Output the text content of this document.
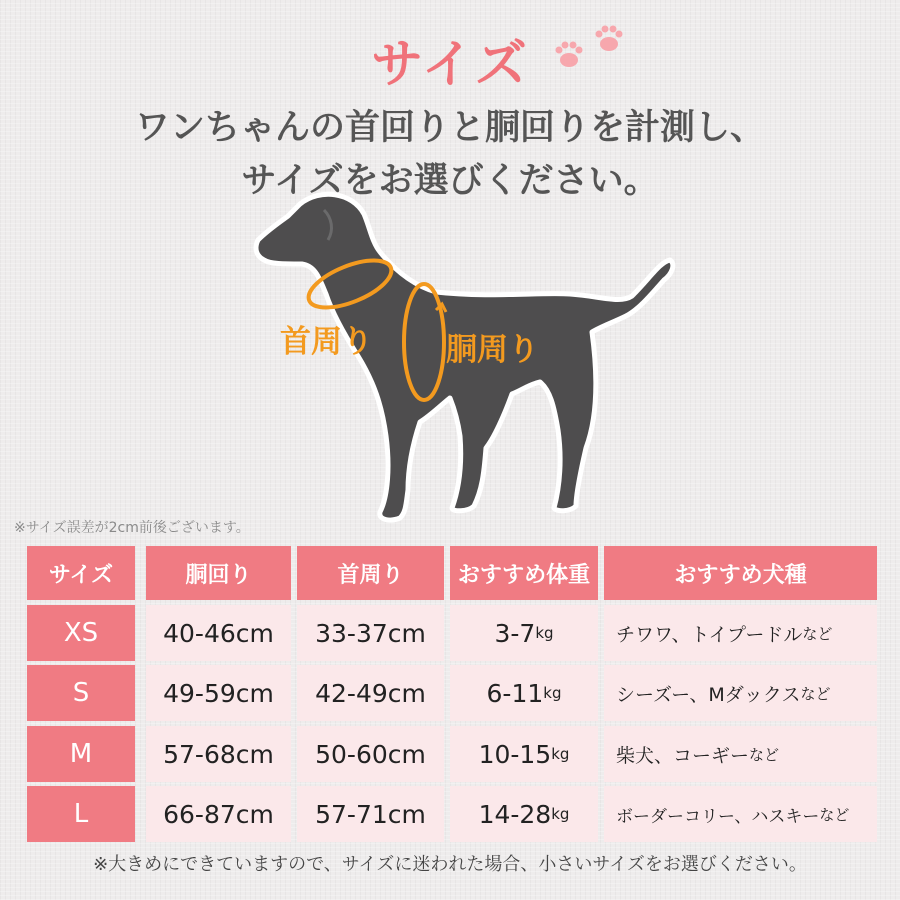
サイズ
ワンちゃんの首回りと胴回りを計測し、
サイズをお選びください。
首周り 胴周り
※サイズ誤差が2cm前後ございます。
サイズ	胴回り	首周り	おすすめ体重	おすすめ犬種
XS	40-46cm	33-37cm	3-7 kg	チワワ、トイプードル など
S	49-59cm	42-49cm	6-11 kg	シーズー、Mダックス など
M	57-68cm	50-60cm	10-15 kg 柴犬、コーギー など
L	66-87cm	57-71cm	14-28 kg	ボーダーコリー、ハスキー など
※大きめにできていますので、サイズに迷われた場合、小さいサイズをお選びください。
